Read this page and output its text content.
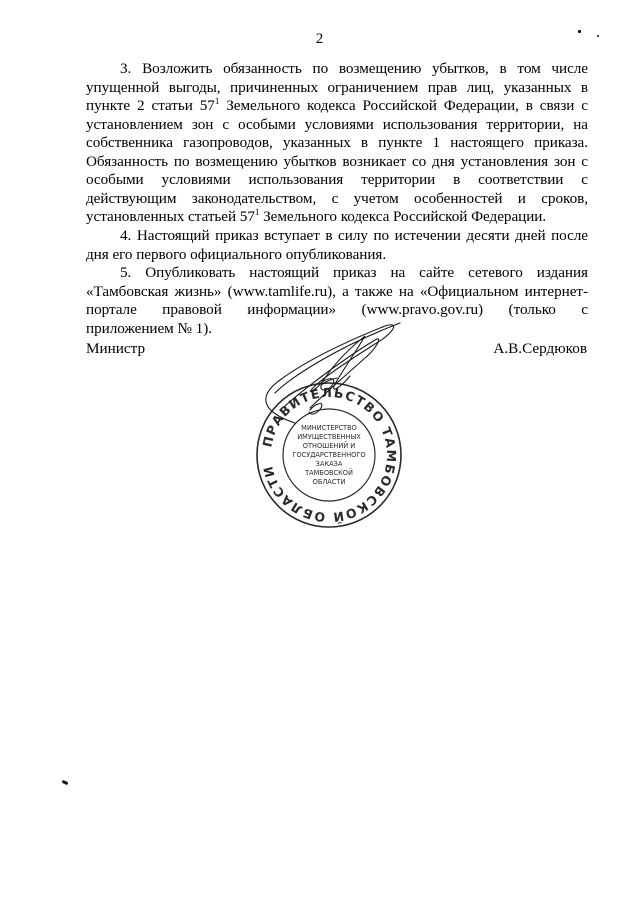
2

3. Возложить обязанность по возмещению убытков, в том числе
упущенной выгоды, причиненных ограничением прав лиц, указанных в
пункте 2 статьи $57^1$ Земельного кодекса Российской Федерации, в связи с
установлением зон с особыми условиями использования территории, на
собственника газопроводов, указанных в пункте 1 настоящего приказа.
Обязанность по возмещению убытков возникает со дня установления зон с
особыми условиями использования территории в соответствии с
действующим законодательством, с учетом особенностей и сроков,
установленных статьей $57^1$ Земельного кодекса Российской Федерации.

4. Настоящий приказ вступает в силу по истечении десяти дней после
дня его первого официального опубликования.

5. Опубликовать настоящий приказ на сайте сетевого издания
«Тамбовская жизнь» (www.tamlife.ru), а также на «Официальном интернет-
портале правовой информации» (www.pravo.gov.ru) (только с
приложением № 1).

Министр	А.В.Сердюков
ПРАВИТЕЛЬСТВО ТАМБОВСКОЙ ОБЛАСТИ
МИНИСТЕРСТВО
ИМУЩЕСТВЕННЫХ
ОТНОШЕНИЙ И
ГОСУДАРСТВЕННОГО
ЗАКАЗА
ТАМБОВСКОЙ
ОБЛАСТИ
